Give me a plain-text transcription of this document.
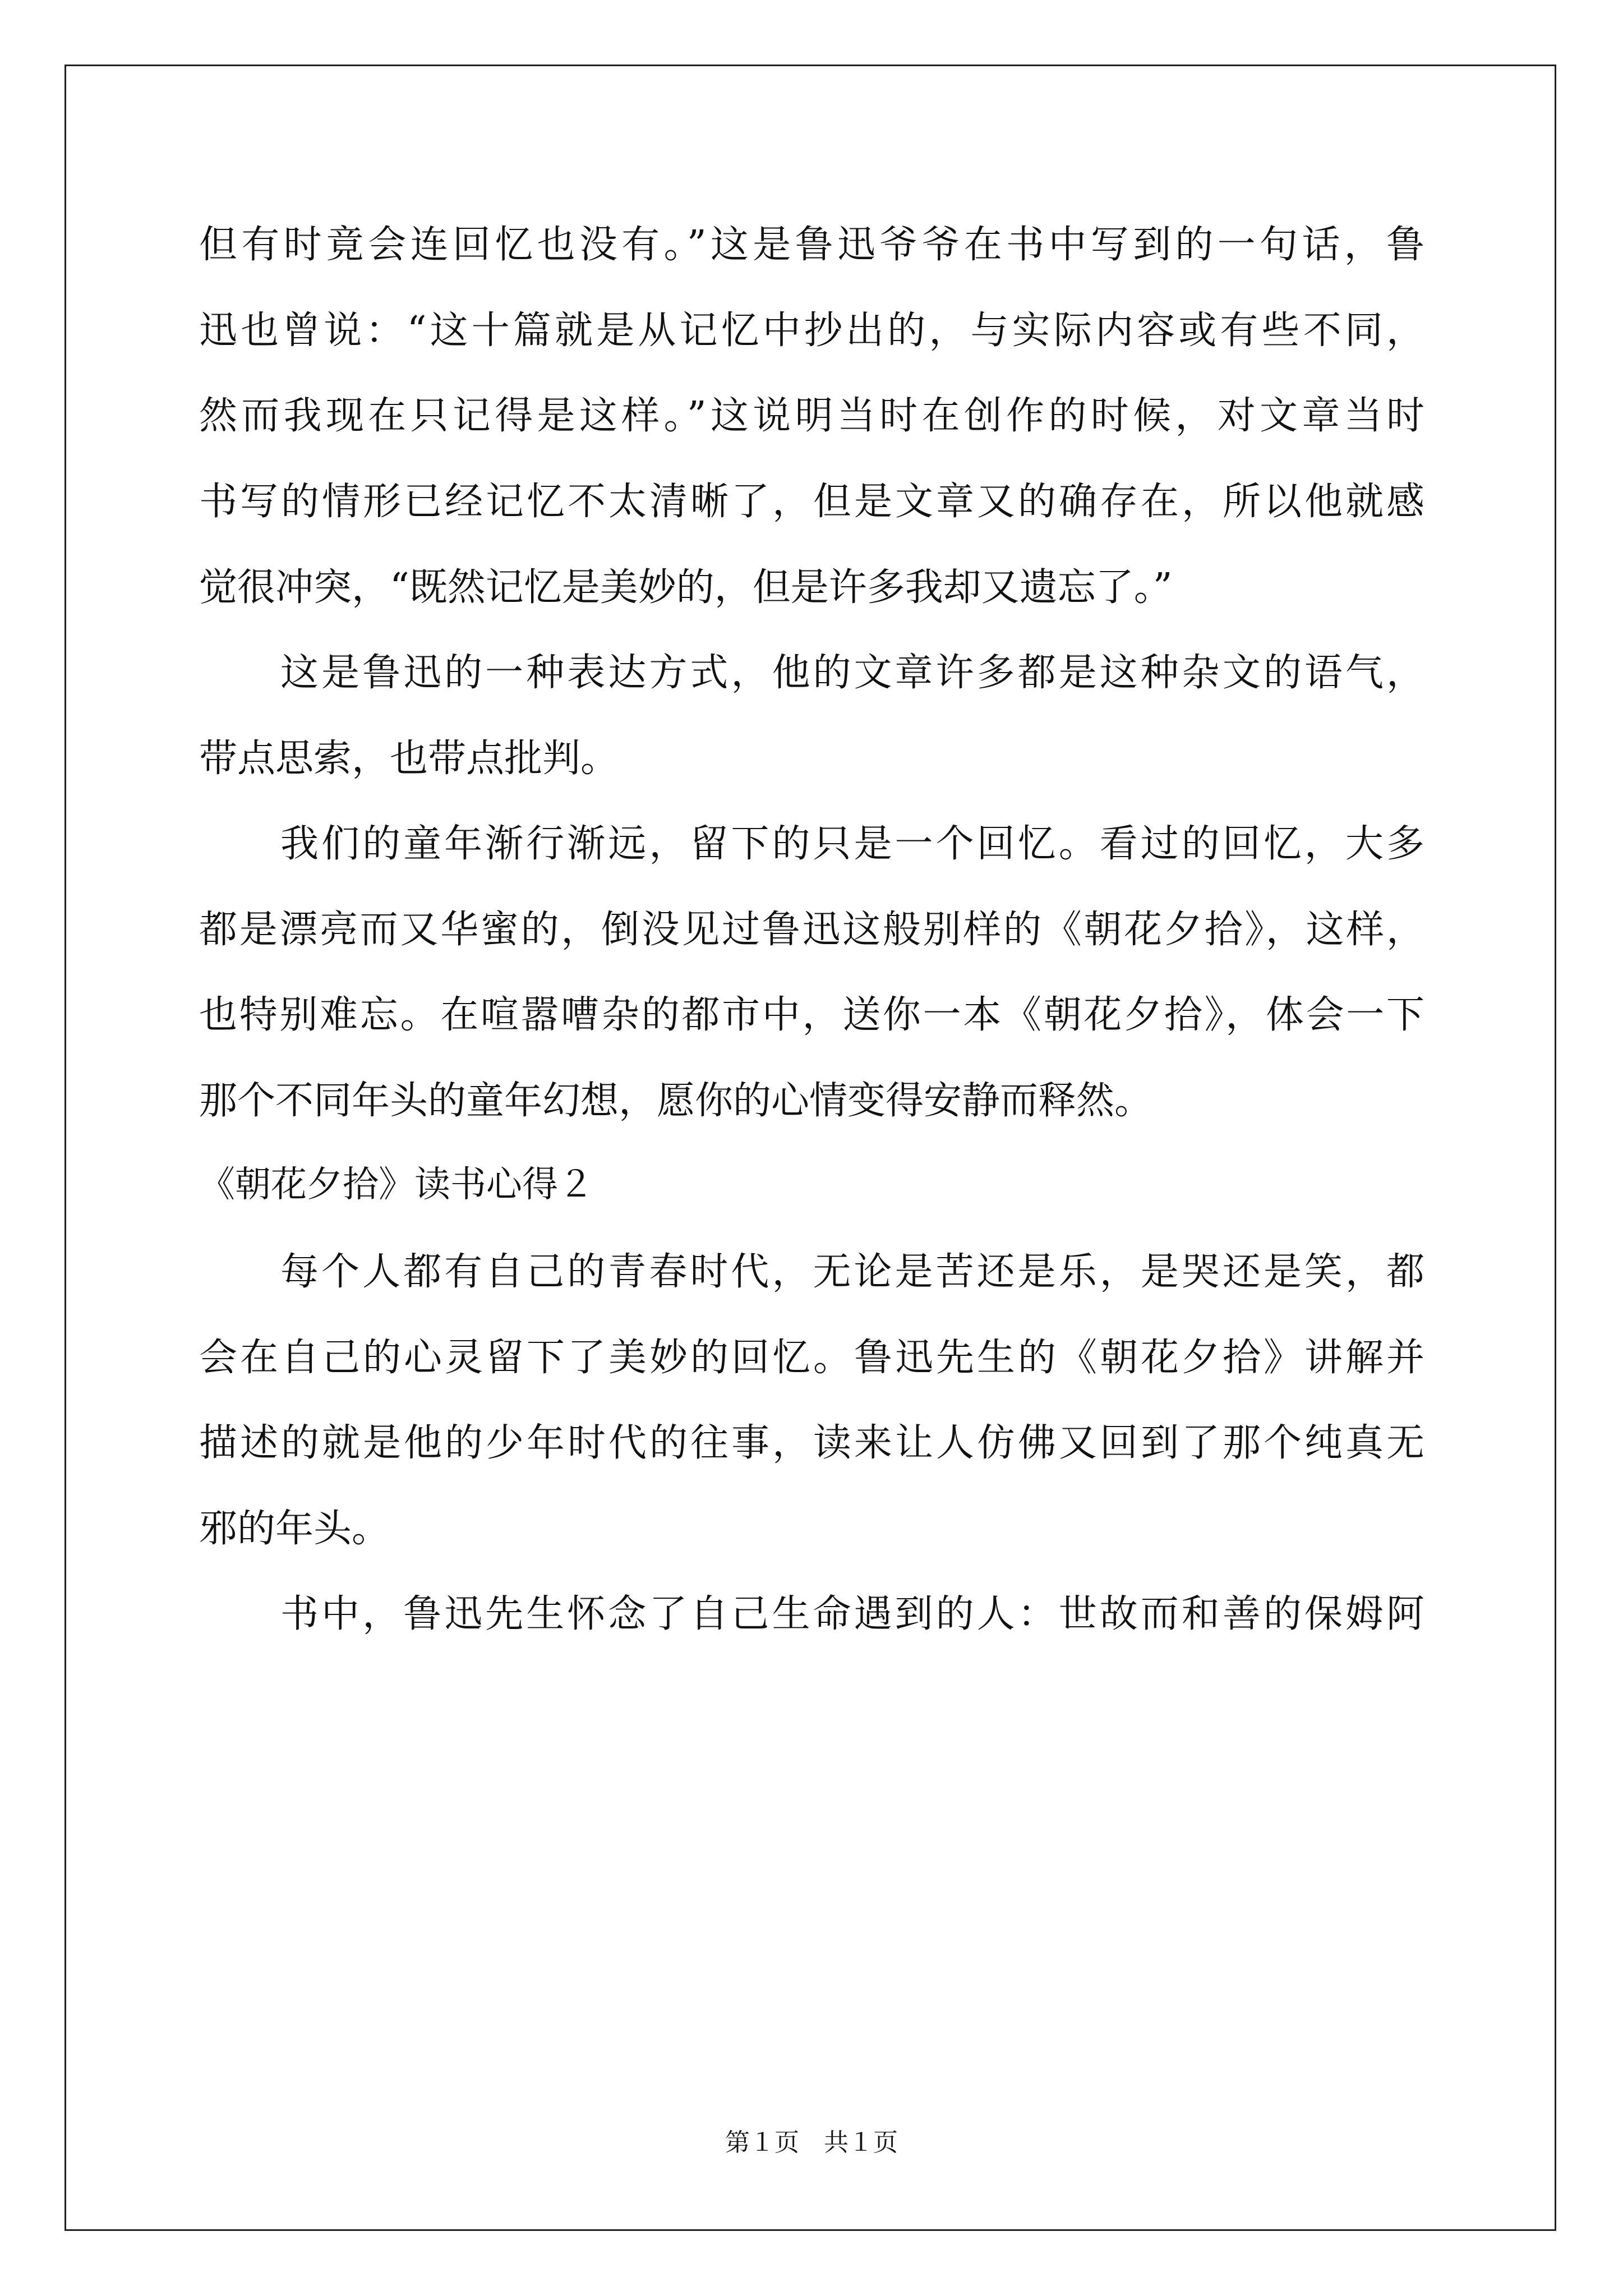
但有时竟会连回忆也没有。”这是鲁迅爷爷在书中写到的一句话，鲁
迅也曾说：“这十篇就是从记忆中抄出的，与实际内容或有些不同，
然而我现在只记得是这样。”这说明当时在创作的时候，对文章当时
书写的情形已经记忆不太清晰了，但是文章又的确存在，所以他就感
觉很冲突，“既然记忆是美妙的，但是许多我却又遗忘了。”
这是鲁迅的一种表达方式，他的文章许多都是这种杂文的语气，
带点思索，也带点批判。
我们的童年渐行渐远，留下的只是一个回忆。看过的回忆，大多
都是漂亮而又华蜜的，倒没见过鲁迅这般别样的《朝花夕拾》，这样，
也特别难忘。在喧嚣嘈杂的都市中，送你一本《朝花夕拾》，体会一下
那个不同年头的童年幻想，愿你的心情变得安静而释然。
《朝花夕拾》读书心得２
每个人都有自己的青春时代，无论是苦还是乐，是哭还是笑，都
会在自己的心灵留下了美妙的回忆。鲁迅先生的《朝花夕拾》讲解并
描述的就是他的少年时代的往事，读来让人仿佛又回到了那个纯真无
邪的年头。
书中，鲁迅先生怀念了自己生命遇到的人：世故而和善的保姆阿
第１页　共１页
